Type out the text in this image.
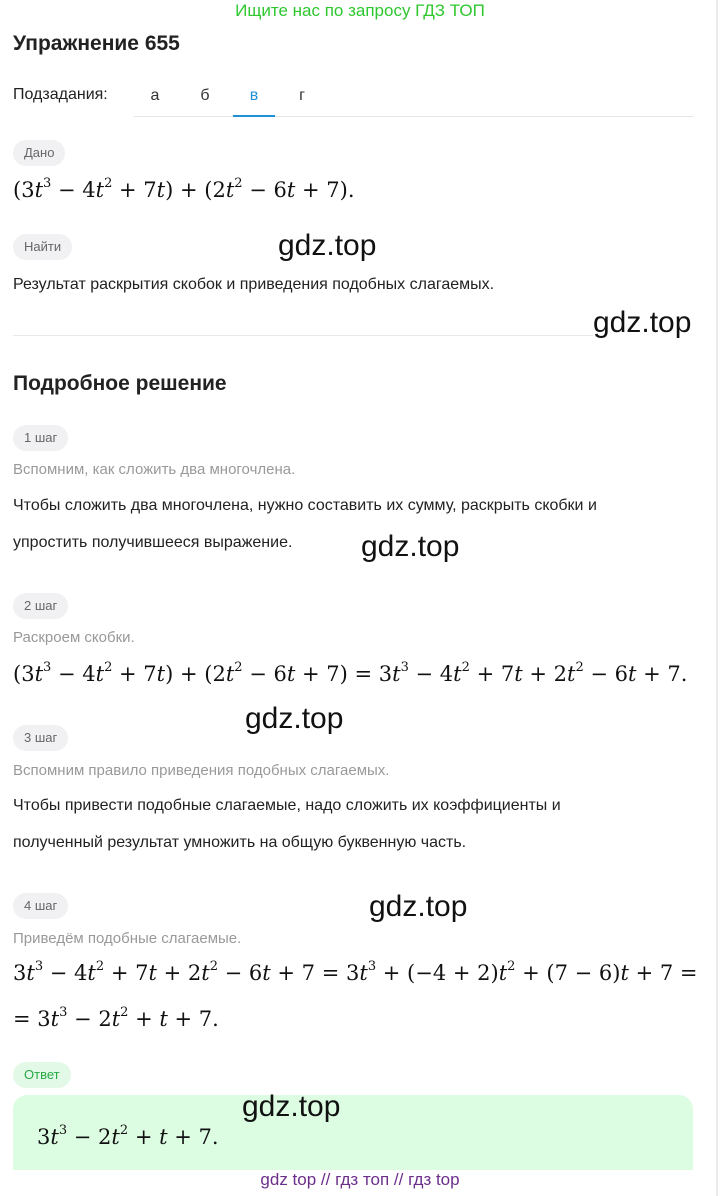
Ищите нас по запросу ГДЗ ТОП
Упражнение 655
Подзадания:	а	б	в	г
Дано
$(3t^3 - 4t^2 + 7t) + (2t^2 - 6t + 7)$.
Найти	gdz.top
Результат раскрытия скобок и приведения подобных слагаемых.
gdz.top
Подробное решение
1 шаг
Вспомним, как сложить два многочлена.
Чтобы сложить два многочлена, нужно составить их сумму, раскрыть скобки и
упростить получившееся выражение. gdz.top
2 шаг
Раскроем скобки.
$(3t^3 - 4t^2 + 7t) + (2t^2 - 6t + 7) = 3t^3 - 4t^2 + 7t + 2t^2 - 6t + 7$.
gdz.top
3 шаг
Вспомним правило приведения подобных слагаемых.
Чтобы привести подобные слагаемые, надо сложить их коэффициенты и
полученный результат умножить на общую буквенную часть.
gdz.top
4 шаг
Приведём подобные слагаемые.
$3t^3 - 4t^2 + 7t + 2t^2 - 6t + 7 = 3t^3 + (-4 + 2)t^2 + (7 - 6)t + 7$ =
= $3t^3 - 2t^2 + t + 7$.
Ответ
$3t^3 - 2t^2 + t + 7$.
gdz.top
gdz top // гдз топ // гдз top
